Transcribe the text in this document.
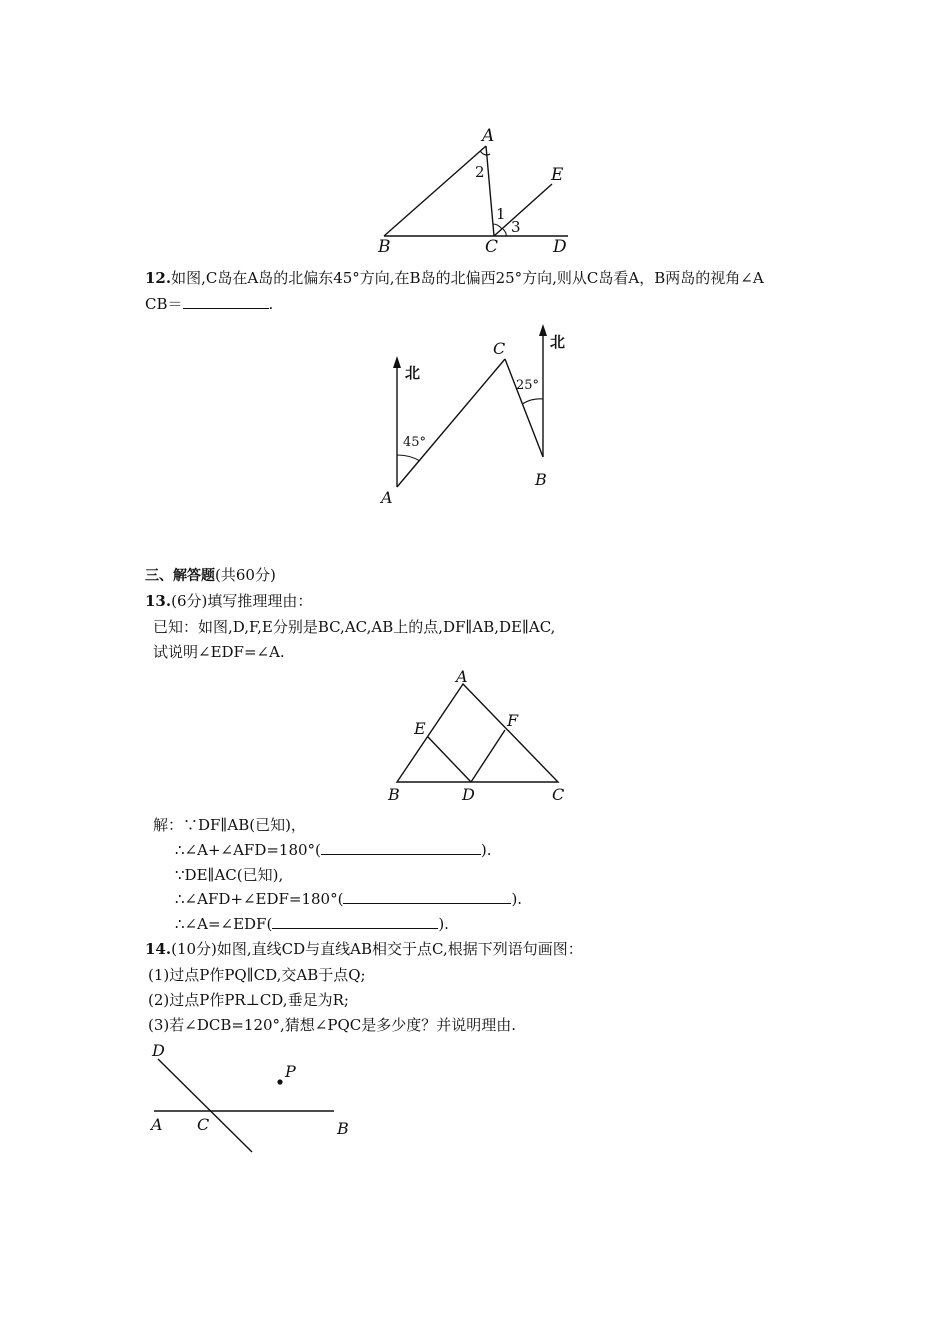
A
B	C	D
E
1
2
3
12.如图,C岛在A岛的北偏东45°方向,在B岛的北偏西25°方向,则从C岛看A，B两岛的视角∠A
CB＝	.
北
北
45°
25°
A
B
C
三、解答题(共60分)
13.(6分)填写推理理由：
已知：如图,D,F,E分别是BC,AC,AB上的点,DF∥AB,DE∥AC,
试说明∠EDF=∠A.
A
B	C
D
E	F
解：∵DF∥AB(已知)，
∴∠A+∠AFD=180°(	).
∵DE∥AC(已知),
∴∠AFD+∠EDF=180°(	).
∴∠A=∠EDF(	).
14.(10分)如图,直线CD与直线AB相交于点C,根据下列语句画图：
(1)过点P作PQ∥CD,交AB于点Q;
(2)过点P作PR⊥CD,垂足为R;
(3)若∠DCB=120°,猜想∠PQC是多少度？并说明理由.
D
A C	B
P
